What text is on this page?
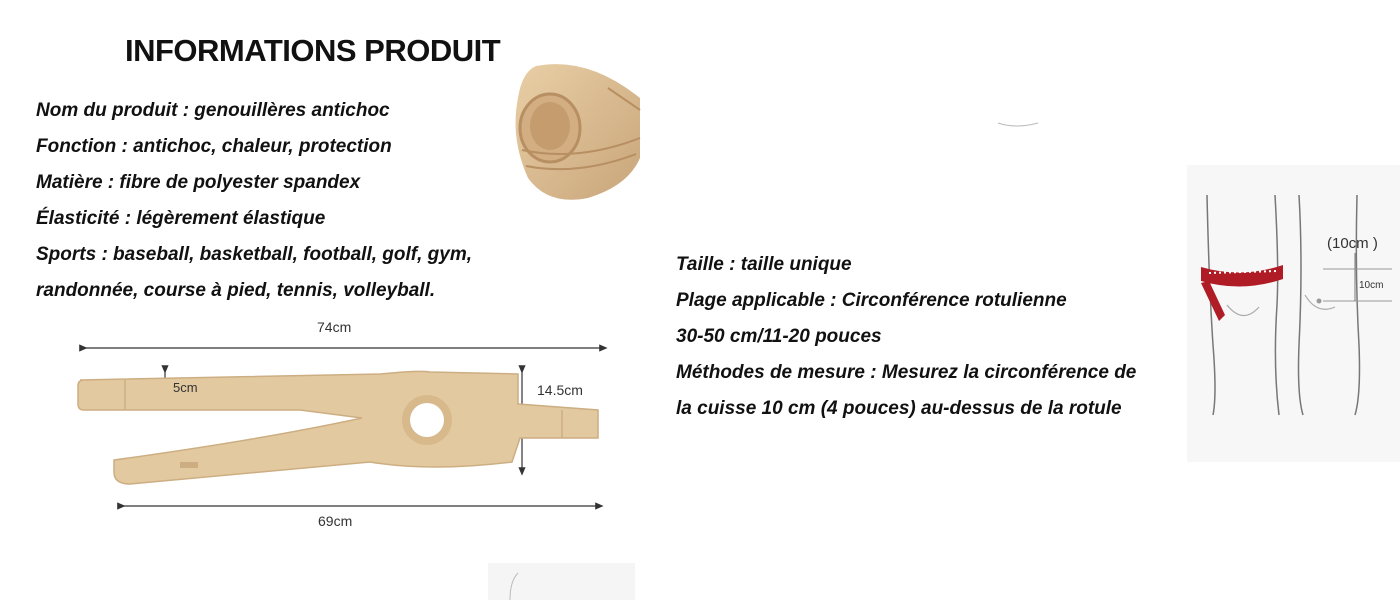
INFORMATIONS PRODUIT
Nom du produit : genouillères antichoc
Fonction : antichoc, chaleur, protection
Matière : fibre de polyester spandex
Élasticité : légèrement élastique
Sports : baseball, basketball, football, golf, gym,
randonnée, course à pied, tennis, volleyball.
74cm
5cm	14.5cm
69cm
Taille : taille unique
Plage applicable : Circonférence rotulienne
30-50 cm/11-20 pouces
Méthodes de mesure : Mesurez la circonférence de
la cuisse 10 cm (4 pouces) au-dessus de la rotule
(10cm )
10cm
